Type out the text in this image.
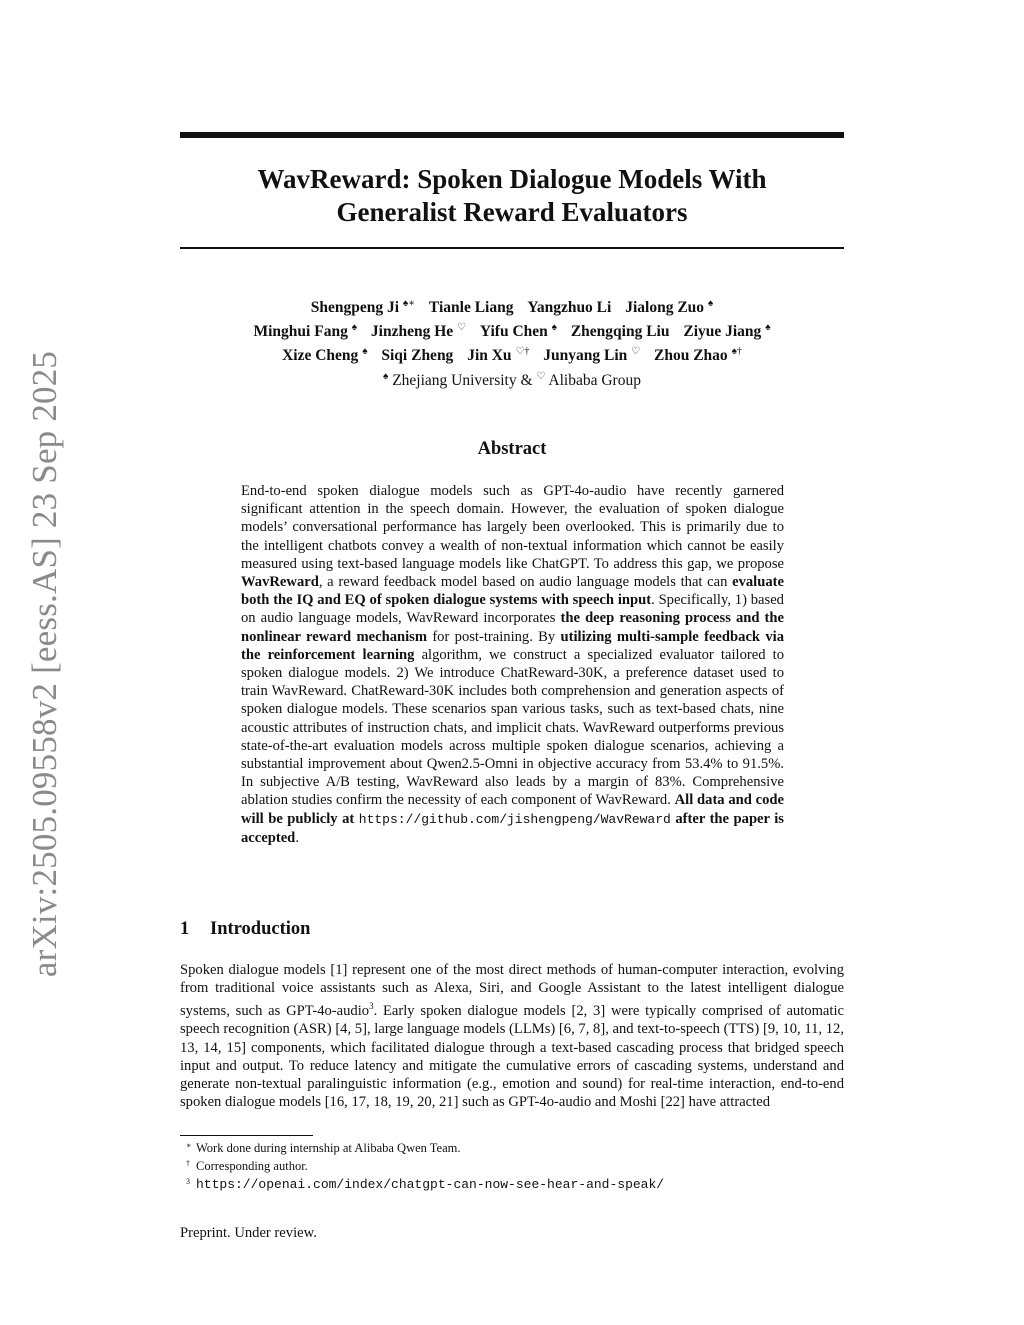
arXiv:2505.09558v2 [eess.AS] 23 Sep 2025
WavReward: Spoken Dialogue Models With
Generalist Reward Evaluators
Shengpeng Ji ♠∗ Tianle Liang Yangzhuo Li Jialong Zuo ♠
Minghui Fang ♠ Jinzheng He ♡ Yifu Chen ♠ Zhengqing Liu Ziyue Jiang ♠
Xize Cheng ♠ Siqi Zheng Jin Xu ♡† Junyang Lin ♡ Zhou Zhao ♠†
♠ Zhejiang University & ♡ Alibaba Group
Abstract
End-to-end spoken dialogue models such as GPT-4o-audio have recently garnered significant attention in the speech domain. However, the evaluation of spoken dialogue models’ conversational performance has largely been overlooked. This is primarily due to the intelligent chatbots convey a wealth of non-textual information which cannot be easily measured using text-based language models like ChatGPT. To address this gap, we propose WavReward, a reward feedback model based on audio language models that can evaluate both the IQ and EQ of spoken dialogue systems with speech input. Specifically, 1) based on audio language models, WavReward incorporates the deep reasoning process and the nonlinear reward mechanism for post-training. By utilizing multi-sample feedback via the reinforcement learning algorithm, we construct a specialized evaluator tailored to spoken dialogue models. 2) We introduce ChatReward-30K, a preference dataset used to train WavReward. ChatReward-30K includes both comprehension and generation aspects of spoken dialogue models. These scenarios span various tasks, such as text-based chats, nine acoustic attributes of instruction chats, and implicit chats. WavReward outperforms previous state-of-the-art evaluation models across multiple spoken dialogue scenarios, achieving a substantial improvement about Qwen2.5-Omni in objective accuracy from 53.4% to 91.5%. In subjective A/B testing, WavReward also leads by a margin of 83%. Comprehensive ablation studies confirm the necessity of each component of WavReward. All data and code will be publicly at https://github.com/jishengpeng/WavReward after the paper is accepted.
1 Introduction
Spoken dialogue models [1] represent one of the most direct methods of human-computer interaction, evolving from traditional voice assistants such as Alexa, Siri, and Google Assistant to the latest intelligent dialogue systems, such as GPT-4o-audio$^3$. Early spoken dialogue models [2, 3] were typically comprised of automatic speech recognition (ASR) [4, 5], large language models (LLMs) [6, 7, 8], and text-to-speech (TTS) [9, 10, 11, 12, 13, 14, 15] components, which facilitated dialogue through a text-based cascading process that bridged speech input and output. To reduce latency and mitigate the cumulative errors of cascading systems, understand and generate non-textual paralinguistic information (e.g., emotion and sound) for real-time interaction, end-to-end spoken dialogue models [16, 17, 18, 19, 20, 21] such as GPT-4o-audio and Moshi [22] have attracted
∗ Work done during internship at Alibaba Qwen Team.
† Corresponding author.
3 https://openai.com/index/chatgpt-can-now-see-hear-and-speak/
Preprint. Under review.
